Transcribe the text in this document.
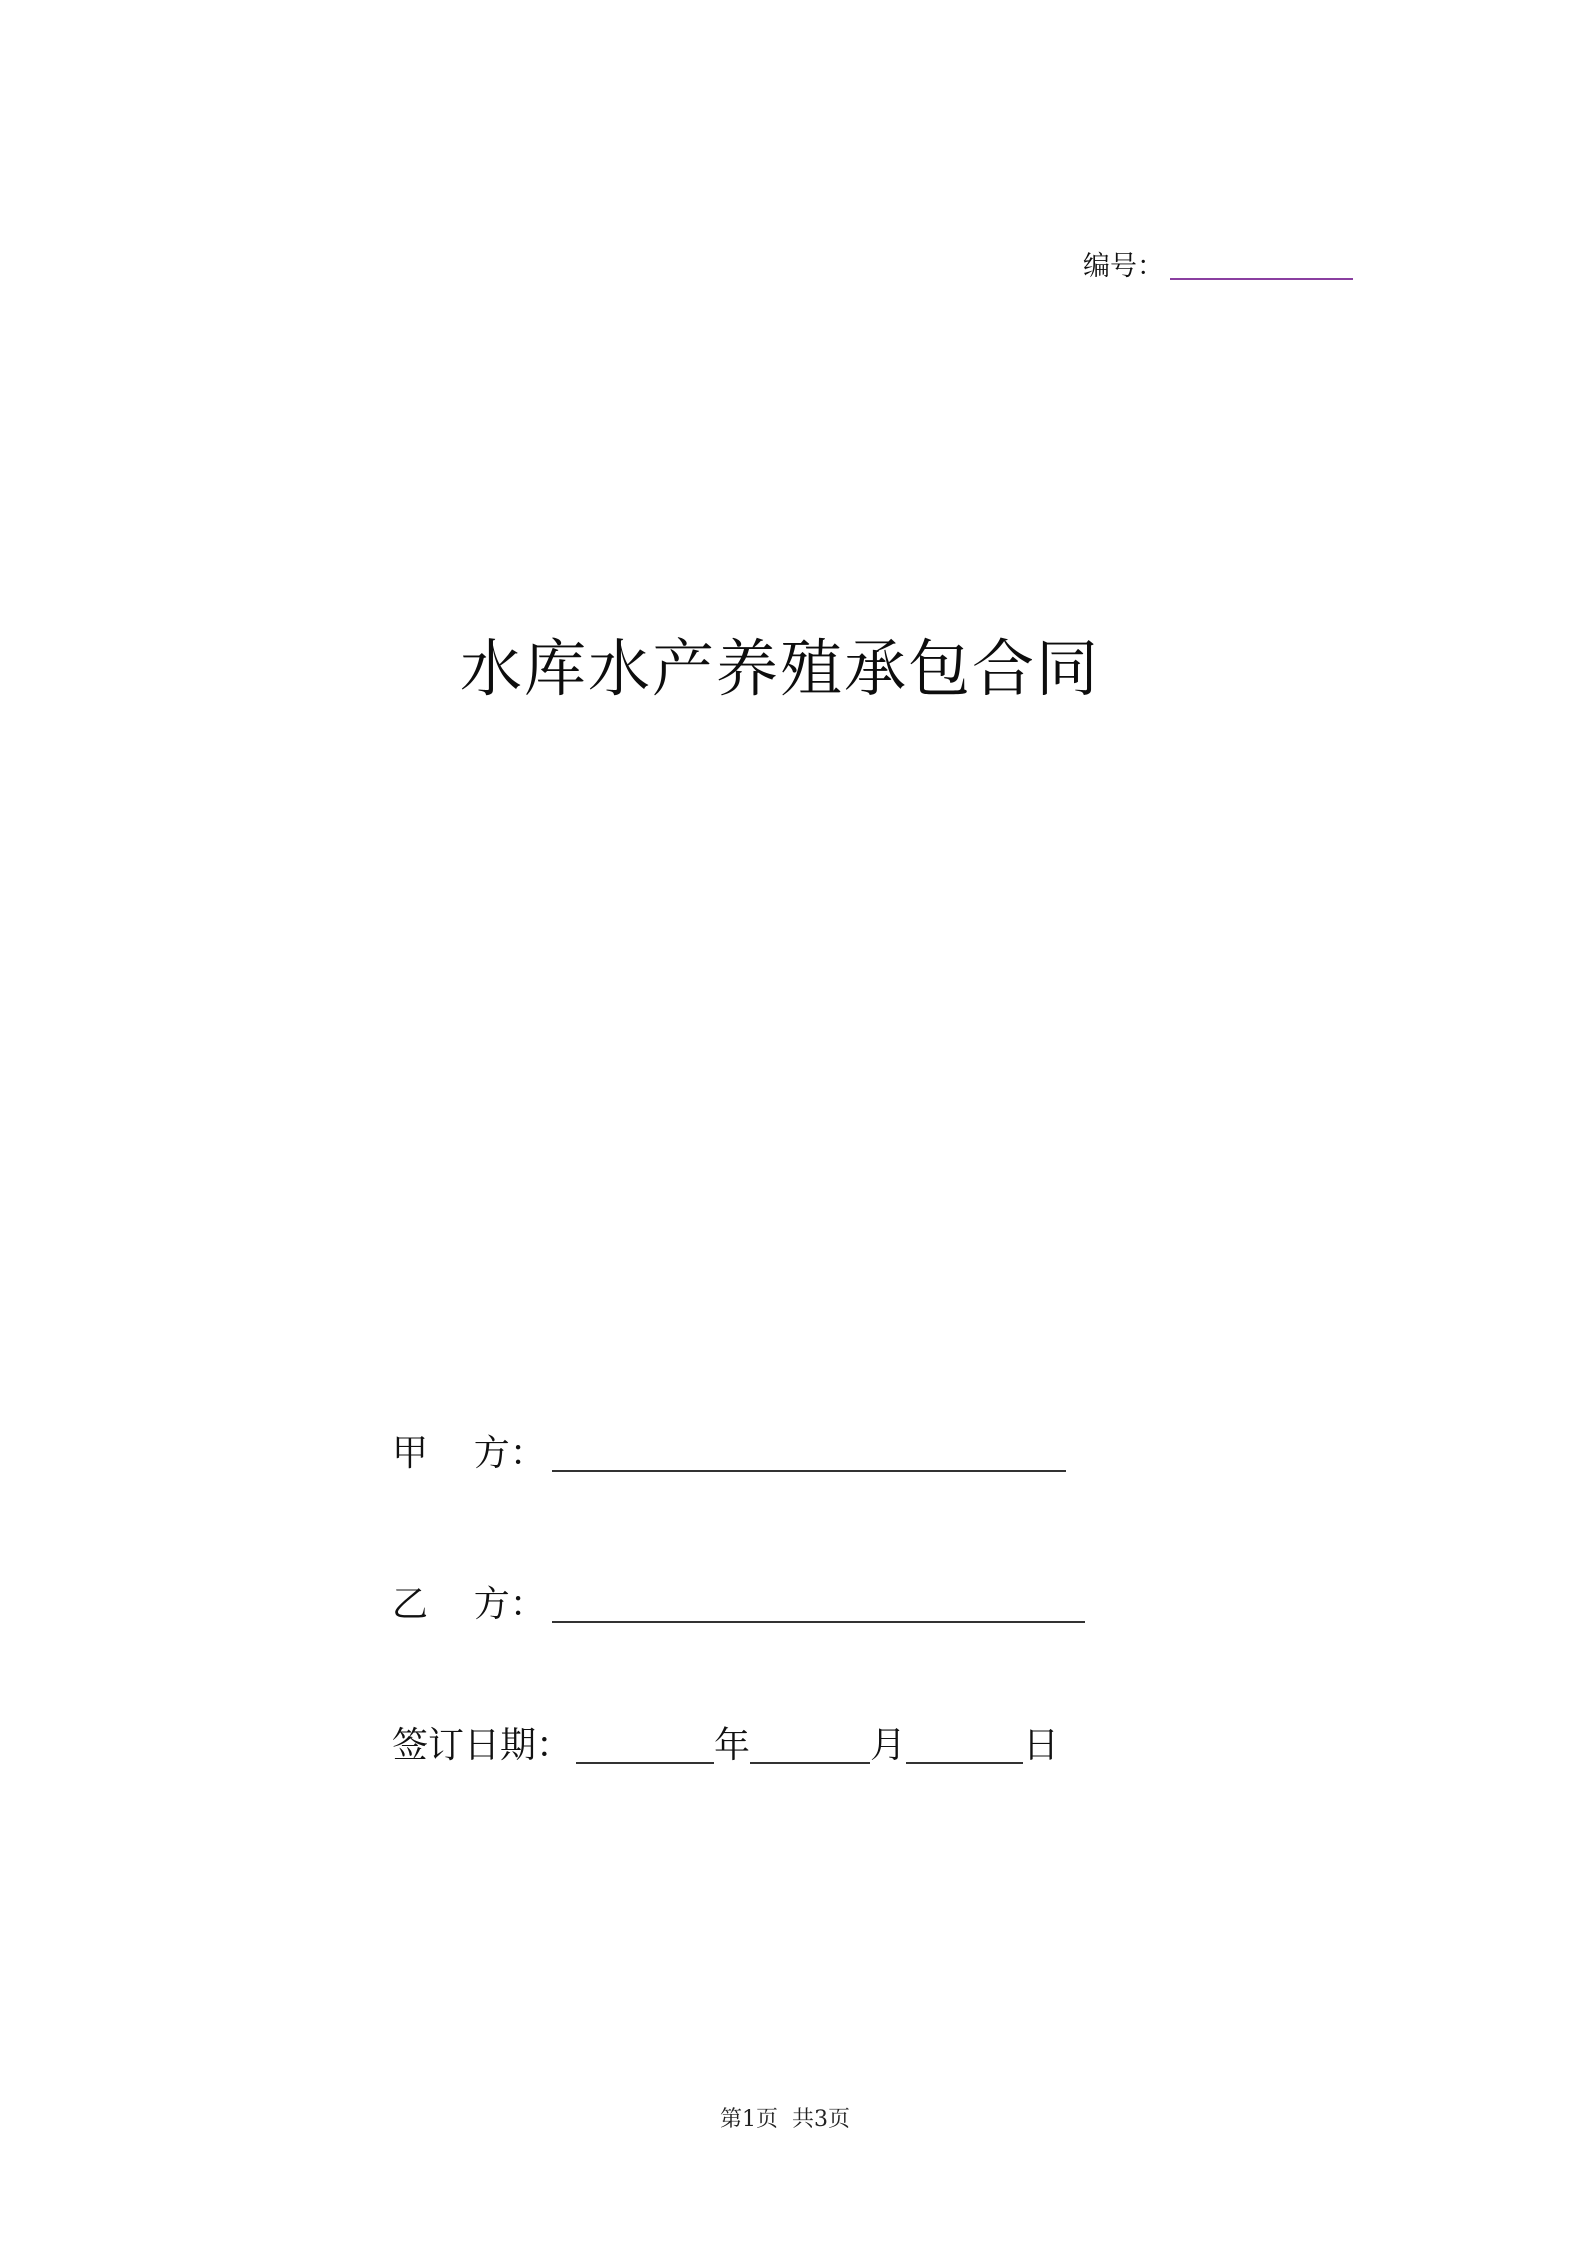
编号：
水库水产养殖承包合同
甲    方：
乙    方：
签订日期：	年	月	日
第1页 共3页
